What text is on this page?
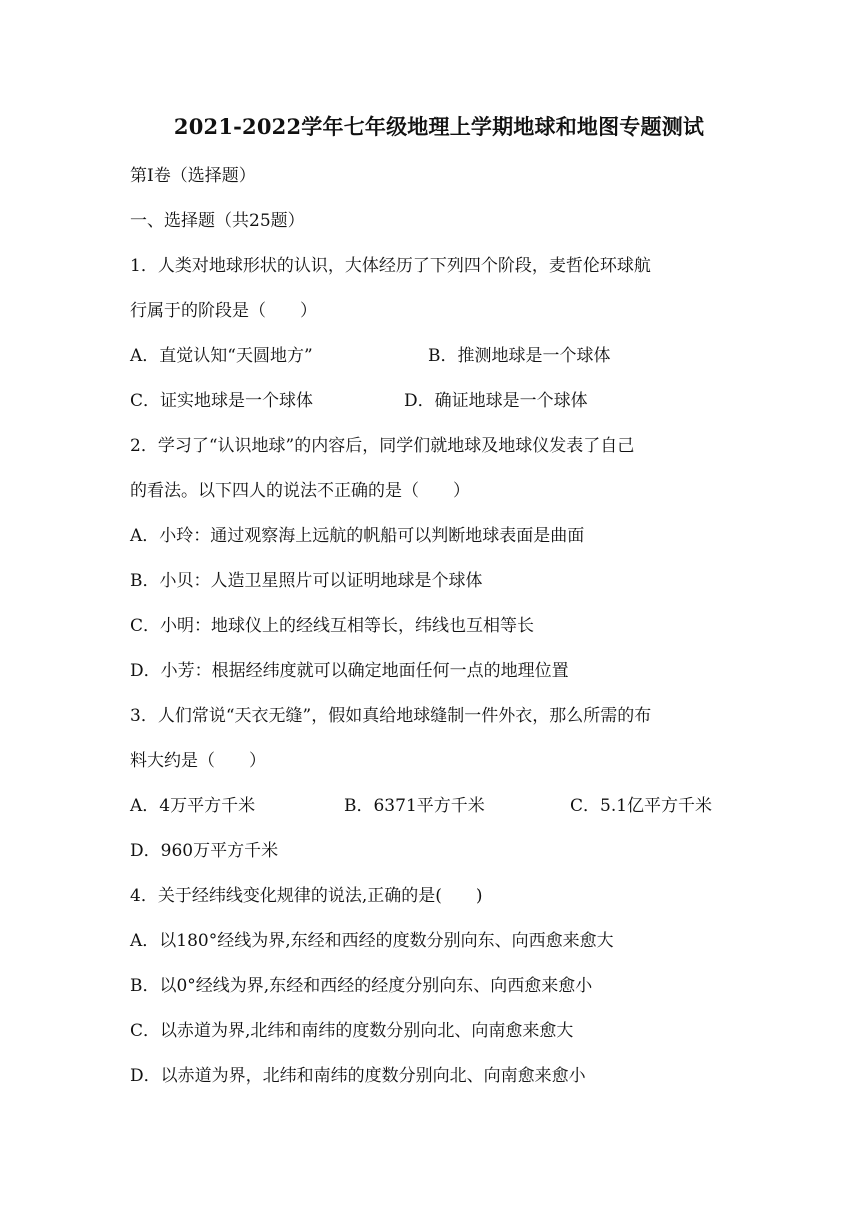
2021-2022学年七年级地理上学期地球和地图专题测试
第I卷（选择题）
一、选择题（共25题）
1．人类对地球形状的认识，大体经历了下列四个阶段，麦哲伦环球航
行属于的阶段是（　　）
A．直觉认知“天圆地方”	B．推测地球是一个球体
C．证实地球是一个球体	D．确证地球是一个球体
2．学习了“认识地球”的内容后，同学们就地球及地球仪发表了自己
的看法。以下四人的说法不正确的是（　　）
A．小玲：通过观察海上远航的帆船可以判断地球表面是曲面
B．小贝：人造卫星照片可以证明地球是个球体
C．小明：地球仪上的经线互相等长，纬线也互相等长
D．小芳：根据经纬度就可以确定地面任何一点的地理位置
3．人们常说“天衣无缝”，假如真给地球缝制一件外衣，那么所需的布
料大约是（　　）
A．4万平方千米	B．6371平方千米	C．5.1亿平方千米
D．960万平方千米
4．关于经纬线变化规律的说法,正确的是(　　)
A．以180°经线为界,东经和西经的度数分别向东、向西愈来愈大
B．以0°经线为界,东经和西经的经度分别向东、向西愈来愈小
C．以赤道为界,北纬和南纬的度数分别向北、向南愈来愈大
D．以赤道为界，北纬和南纬的度数分别向北、向南愈来愈小
